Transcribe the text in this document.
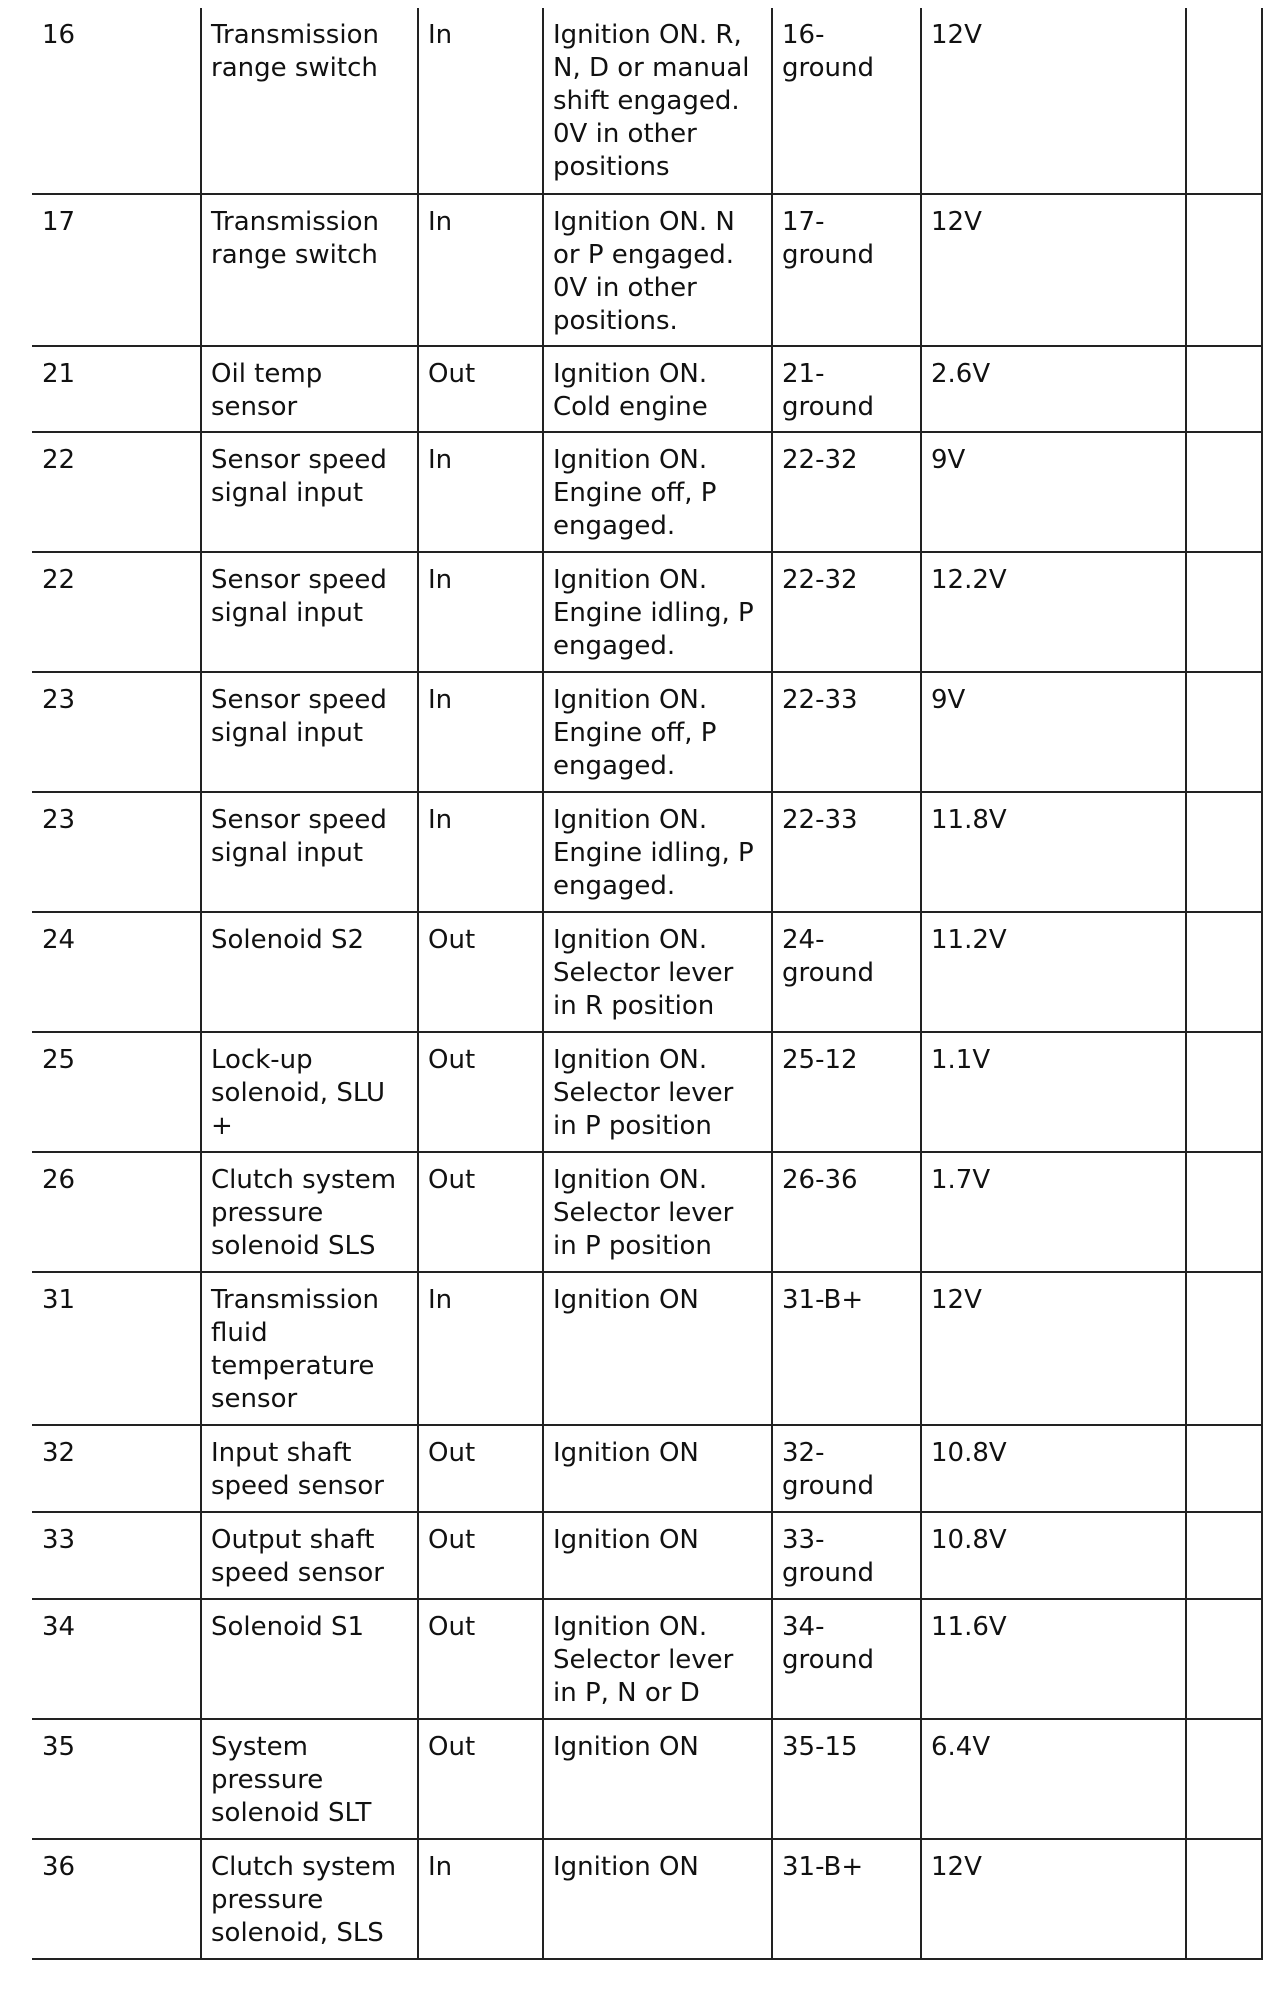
16	Transmission range switch	In	Ignition ON. R, N, D or manual shift engaged. 0V in other positions	16-ground	12V	
17	Transmission range switch	In	Ignition ON. N or P engaged. 0V in other positions.	17-ground	12V	
21	Oil temp sensor	Out	Ignition ON. Cold engine	21-ground	2.6V	
22	Sensor speed signal input	In	Ignition ON. Engine off, P engaged.	22-32	9V	
22	Sensor speed signal input	In	Ignition ON. Engine idling, P engaged.	22-32	12.2V	
23	Sensor speed signal input	In	Ignition ON. Engine off, P engaged.	22-33	9V	
23	Sensor speed signal input	In	Ignition ON. Engine idling, P engaged.	22-33	11.8V	
24	Solenoid S2	Out	Ignition ON. Selector lever in R position	24-ground	11.2V	
25	Lock-up solenoid, SLU +	Out	Ignition ON. Selector lever in P position	25-12	1.1V	
26	Clutch system pressure solenoid SLS	Out	Ignition ON. Selector lever in P position	26-36	1.7V	
31	Transmission fluid temperature sensor	In	Ignition ON	31-B+	12V	
32	Input shaft speed sensor	Out	Ignition ON	32-ground	10.8V	
33	Output shaft speed sensor	Out	Ignition ON	33-ground	10.8V	
34	Solenoid S1	Out	Ignition ON. Selector lever in P, N or D	34-ground	11.6V	
35	System pressure solenoid SLT	Out	Ignition ON	35-15	6.4V	
36	Clutch system pressure solenoid, SLS	In	Ignition ON	31-B+	12V	
